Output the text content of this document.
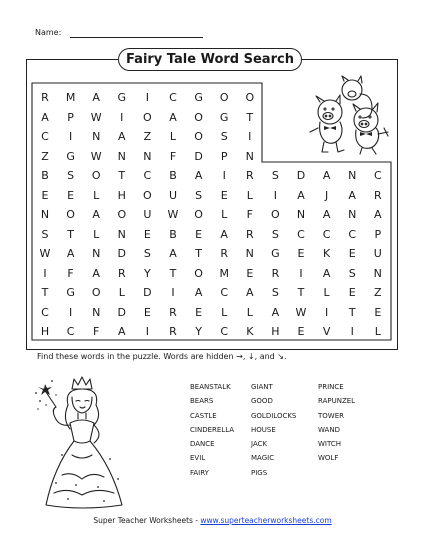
Name:
Fairy Tale Word Search
R	M	A	G	I	C	G	O	O
A	P	W	I	O	A	O	G	T
C	I	N	A	Z	L	O	S	I
Z	G	W	N	N	F	D	P	N
B	S	O	T	C	B	A	I	R	S	D	A	N	C
E	E	L	H	O	U	S	E	L	I	A	J	A	R
N	O	A	O	U	W	O	L	F	O	N	A	N	A
S	T	L	N	E	B	E	A	R	S	C	C	C	P
W	A	N	D	S	A	T	R	N	G	E	K	E	U
I	F	A	R	Y	T	O	M	E	R	I	A	S	N
T	G	O	L	D	I	A	C	A	S	T	L	E	Z
C	I	N	D	E	R	E	L	L	A	W	I	T	E
H	C	F	A	I	R	Y	C	K	H	E	V	I	L
Find these words in the puzzle. Words are hidden →, ↓, and ↘.
BEANSTALK
BEARS
CASTLE
CINDERELLA
DANCE
EVIL
FAIRY
GIANT
GOOD
GOLDILOCKS
HOUSE
JACK
MAGIC
PIGS
PRINCE
RAPUNZEL
TOWER
WAND
WITCH
WOLF
Super Teacher Worksheets - www.superteacherworksheets.com
